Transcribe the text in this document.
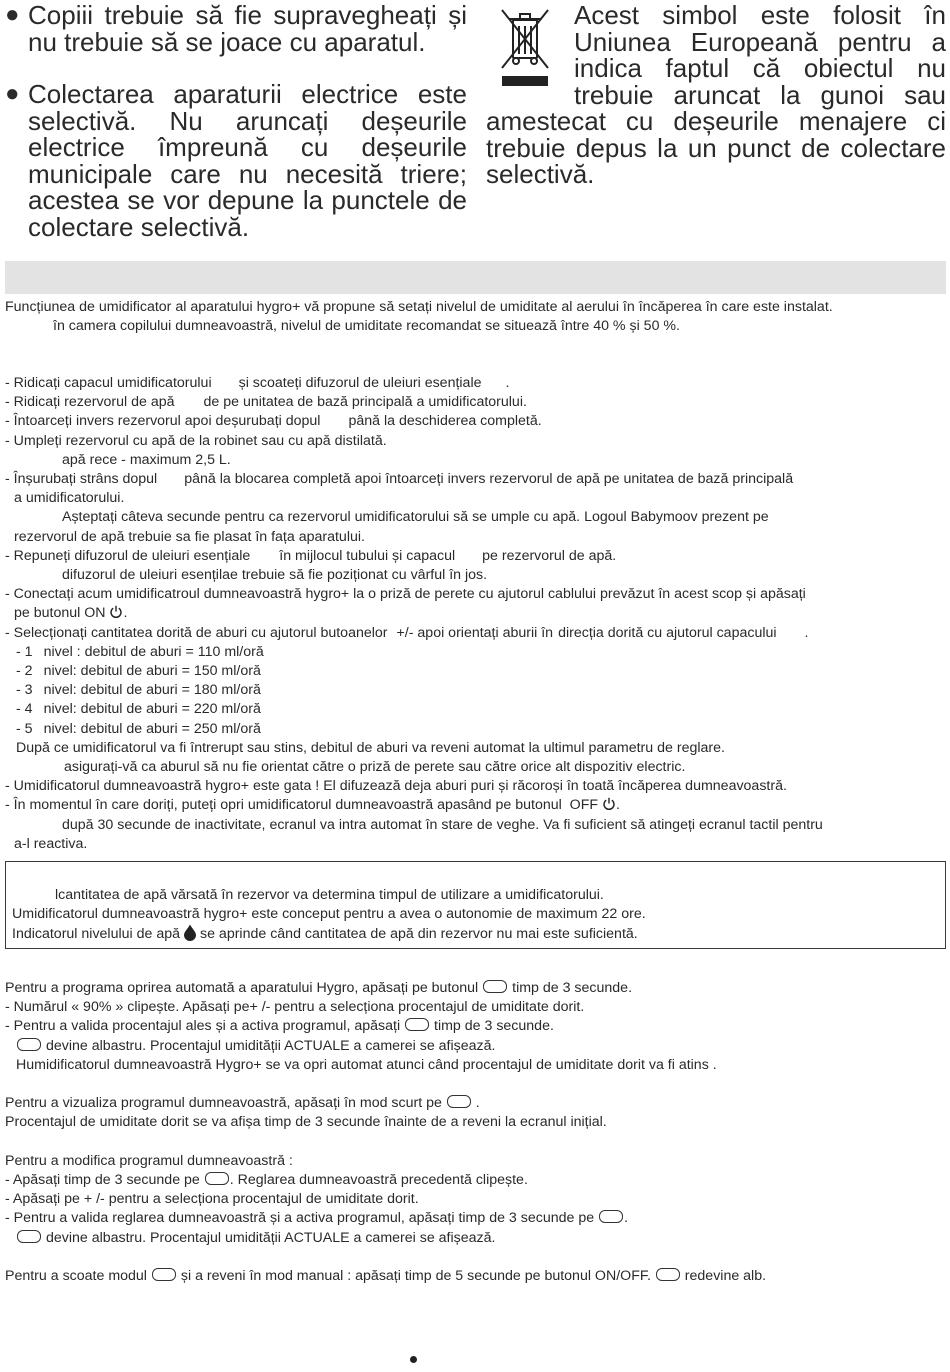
● Copiii trebuie să fie supravegheați și nu trebuie să se joace cu aparatul.
● Colectarea aparaturii electrice este selectivă. Nu aruncați deșeurile electrice împreună cu deșeurile municipale care nu necesită triere; acestea se vor depune la punctele de colectare selectivă.
Acest simbol este folosit în Uniunea Europeană pentru a indica faptul că obiectul nu trebuie aruncat la gunoi sau amestecat cu deșeurile menajere ci trebuie depus la un punct de colectare selectivă.
Funcțiunea de umidificator al aparatului hygro+ vă propune să setați nivelul de umiditate al aerului în încăperea în care este instalat.
în camera copilului dumneavoastră, nivelul de umiditate recomandat se situează între 40 % și 50 %.
- Ridicați capacul umidificatorului și scoateți difuzorul de uleiuri esențiale .
- Ridicați rezervorul de apă de pe unitatea de bază principală a umidificatorului.
- Întoarceți invers rezervorul apoi deșurubați dopul până la deschiderea completă.
- Umpleți rezervorul cu apă de la robinet sau cu apă distilată.
apă rece - maximum 2,5 L.
- Înșurubați strâns dopul până la blocarea completă apoi întoarceți invers rezervorul de apă pe unitatea de bază principală
a umidificatorului.
Așteptați câteva secunde pentru ca rezervorul umidificatorului să se umple cu apă. Logoul Babymoov prezent pe
rezervorul de apă trebuie sa fie plasat în fața aparatului.
- Repuneți difuzorul de uleiuri esențiale în mijlocul tubului și capacul pe rezervorul de apă.
difuzorul de uleiuri esențilae trebuie să fie poziționat cu vârful în jos.
- Conectați acum umidificatroul dumneavoastră hygro+ la o priză de perete cu ajutorul cablului prevăzut în acest scop și apăsați
pe butonul ON .
- Selecționați cantitatea dorită de aburi cu ajutorul butoanelor +/- apoi orientați aburii în direcția dorită cu ajutorul capacului .
- 1 nivel : debitul de aburi = 110 ml/oră
- 2 nivel: debitul de aburi = 150 ml/oră
- 3 nivel: debitul de aburi = 180 ml/oră
- 4 nivel: debitul de aburi = 220 ml/oră
- 5 nivel: debitul de aburi = 250 ml/oră
După ce umidificatorul va fi întrerupt sau stins, debitul de aburi va reveni automat la ultimul parametru de reglare.
asigurați-vă ca aburul să nu fie orientat către o priză de perete sau către orice alt dispozitiv electric.
- Umidificatorul dumneavoastră hygro+ este gata ! El difuzează deja aburi puri și răcoroși în toată încăperea dumneavoastră.
- În momentul în care doriți, puteți opri umidificatorul dumneavoastră apasând pe butonul OFF .
după 30 secunde de inactivitate, ecranul va intra automat în stare de veghe. Va fi suficient să atingeți ecranul tactil pentru
a-l reactiva.
lcantitatea de apă vărsată în rezervor va determina timpul de utilizare a umidificatorului.
Umidificatorul dumneavoastră hygro+ este conceput pentru a avea o autonomie de maximum 22 ore.
Indicatorul nivelului de apă se aprinde când cantitatea de apă din rezervor nu mai este suficientă.
Pentru a programa oprirea automată a aparatului Hygro, apăsați pe butonul timp de 3 secunde.
- Numărul « 90% » clipește. Apăsați pe+ /- pentru a selecționa procentajul de umiditate dorit.
- Pentru a valida procentajul ales și a activa programul, apăsați timp de 3 secunde.
devine albastru. Procentajul umidității ACTUALE a camerei se afișează.
Humidificatorul dumneavoastră Hygro+ se va opri automat atunci când procentajul de umiditate dorit va fi atins .
Pentru a vizualiza programul dumneavoastră, apăsați în mod scurt pe .
Procentajul de umiditate dorit se va afișa timp de 3 secunde înainte de a reveni la ecranul inițial.
Pentru a modifica programul dumneavoastră :
- Apăsați timp de 3 secunde pe . Reglarea dumneavoastră precedentă clipește.
- Apăsați pe + /- pentru a selecționa procentajul de umiditate dorit.
- Pentru a valida reglarea dumneavoastră și a activa programul, apăsați timp de 3 secunde pe .
devine albastru. Procentajul umidității ACTUALE a camerei se afișează.
Pentru a scoate modul și a reveni în mod manual : apăsați timp de 5 secunde pe butonul ON/OFF. redevine alb.
